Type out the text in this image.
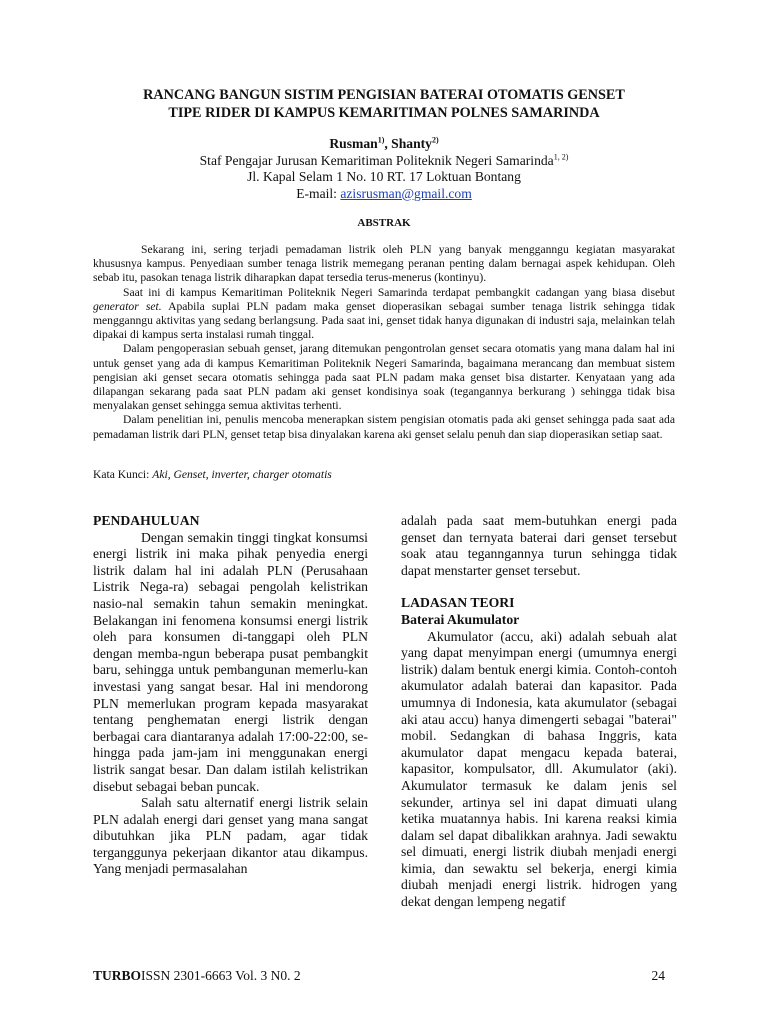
RANCANG BANGUN SISTIM PENGISIAN BATERAI OTOMATIS GENSET
TIPE RIDER DI KAMPUS KEMARITIMAN POLNES SAMARINDA
Rusman$^{1)}$, Shanty$^{2)}$
Staf Pengajar Jurusan Kemaritiman Politeknik Negeri Samarinda$^{1, 2)}$
Jl. Kapal Selam 1 No. 10 RT. 17 Loktuan Bontang
E-mail: azisrusman@gmail.com
ABSTRAK

Sekarang ini, sering terjadi pemadaman listrik oleh PLN yang banyak mengganngu kegiatan masyarakat khususnya kampus. Penyediaan sumber tenaga listrik memegang peranan penting dalam bernagai aspek kehidupan. Oleh sebab itu, pasokan tenaga listrik diharapkan dapat tersedia terus-menerus (kontinyu).

Saat ini di kampus Kemaritiman Politeknik Negeri Samarinda terdapat pembangkit cadangan yang biasa disebut generator set. Apabila suplai PLN padam maka genset dioperasikan sebagai sumber tenaga listrik sehingga tidak mengganngu aktivitas yang sedang berlangsung. Pada saat ini, genset tidak hanya digunakan di industri saja, melainkan telah dipakai di kampus serta instalasi rumah tinggal.

Dalam pengoperasian sebuah genset, jarang ditemukan pengontrolan genset secara otomatis yang mana dalam hal ini untuk genset yang ada di kampus Kemaritiman Politeknik Negeri Samarinda, bagaimana merancang dan membuat sistem pengisian aki genset secara otomatis sehingga pada saat PLN padam maka genset bisa distarter. Kenyataan yang ada dilapangan sekarang pada saat PLN padam aki genset kondisinya soak (tegangannya berkurang ) sehingga tidak bisa menyalakan genset sehingga semua aktivitas terhenti.

Dalam penelitian ini, penulis mencoba menerapkan sistem pengisian otomatis pada aki genset sehingga pada saat ada pemadaman listrik dari PLN, genset tetap bisa dinyalakan karena aki genset selalu penuh dan siap dioperasikan setiap saat.

Kata Kunci: Aki, Genset, inverter, charger otomatis
PENDAHULUAN

Dengan semakin tinggi tingkat konsumsi energi listrik ini maka pihak penyedia energi listrik dalam hal ini adalah PLN (Perusahaan Listrik Nega-ra) sebagai pengolah kelistrikan nasio-nal semakin tahun semakin meningkat. Belakangan ini fenomena konsumsi energi listrik oleh para konsumen di-tanggapi oleh PLN dengan memba-ngun beberapa pusat pembangkit baru, sehingga untuk pembangunan memerlu-kan investasi yang sangat besar. Hal ini mendorong PLN memerlukan program kepada masyarakat tentang penghematan energi listrik dengan berbagai cara diantaranya adalah 17:00-22:00, se-hingga pada jam-jam ini menggunakan energi listrik sangat besar. Dan dalam istilah kelistrikan disebut sebagai beban puncak.

Salah satu alternatif energi listrik selain PLN adalah energi dari genset yang mana sangat dibutuhkan jika PLN padam, agar tidak terganggunya pekerjaan dikantor atau dikampus. Yang menjadi permasalahan

adalah pada saat mem-butuhkan energi pada genset dan ternyata baterai dari genset tersebut soak atau teganngannya turun sehingga tidak dapat menstarter genset tersebut.

LADASAN TEORI
Baterai Akumulator

Akumulator (accu, aki) adalah sebuah alat yang dapat menyimpan energi (umumnya energi listrik) dalam bentuk energi kimia. Contoh-contoh akumulator adalah baterai dan kapasitor. Pada umumnya di Indonesia, kata akumulator (sebagai aki atau accu) hanya dimengerti sebagai "baterai" mobil. Sedangkan di bahasa Inggris, kata akumulator dapat mengacu kepada baterai, kapasitor, kompulsator, dll. Akumulator (aki). Akumulator termasuk ke dalam jenis sel sekunder, artinya sel ini dapat dimuati ulang ketika muatannya habis. Ini karena reaksi kimia dalam sel dapat dibalikkan arahnya. Jadi sewaktu sel dimuati, energi listrik diubah menjadi energi kimia, dan sewaktu sel bekerja, energi kimia diubah menjadi energi listrik. hidrogen yang dekat dengan lempeng negatif

TURBOISSN 2301-6663 Vol. 3 N0. 2	24
